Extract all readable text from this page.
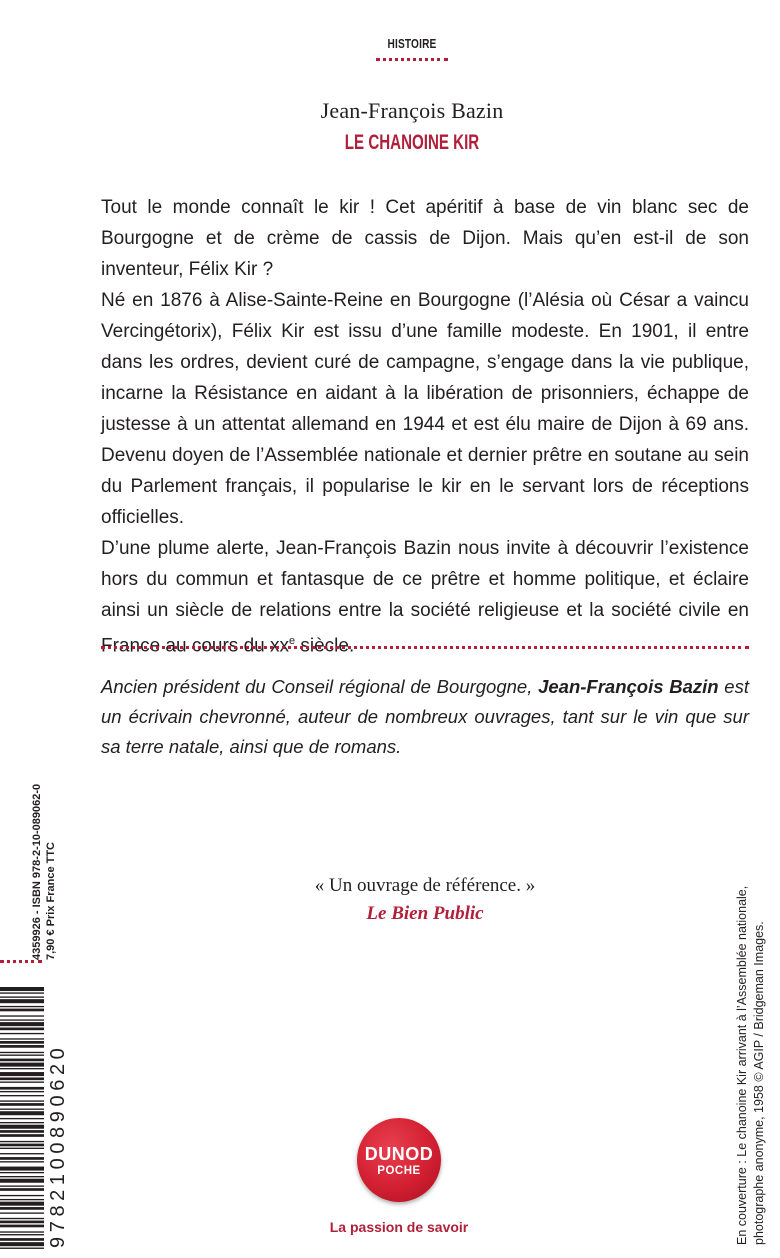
HISTOIRE
Jean-François Bazin
LE CHANOINE KIR

Tout le monde connaît le kir ! Cet apéritif à base de vin blanc sec de Bourgogne et de crème de cassis de Dijon. Mais qu’en est-il de son inventeur, Félix Kir ?

Né en 1876 à Alise-Sainte-Reine en Bourgogne (l’Alésia où César a vaincu Vercingétorix), Félix Kir est issu d’une famille modeste. En 1901, il entre dans les ordres, devient curé de campagne, s’engage dans la vie publique, incarne la Résistance en aidant à la libération de prisonniers, échappe de justesse à un attentat allemand en 1944 et est élu maire de Dijon à 69 ans. Devenu doyen de l’Assemblée nationale et dernier prêtre en soutane au sein du Parlement français, il popularise le kir en le servant lors de réceptions officielles.

D’une plume alerte, Jean-François Bazin nous invite à découvrir l’existence hors du commun et fantasque de ce prêtre et homme politique, et éclaire ainsi un siècle de relations entre la société religieuse et la société civile en France au cours du $xx^e$ siècle.

Ancien président du Conseil régional de Bourgogne, Jean-François Bazin est un écrivain chevronné, auteur de nombreux ouvrages, tant sur le vin que sur sa terre natale, ainsi que de romans.
« Un ouvrage de référence. »
Le Bien Public
4359926 - ISBN 978-2-10-089062-0 7,90 € Prix France TTC
9782100890620	En couverture : Le chanoine Kir arrivant à l’Assemblée nationale, photographe anonyme, 1958 © AGIP / Bridgeman Images.
DUNOD
POCHE
La passion de savoir
